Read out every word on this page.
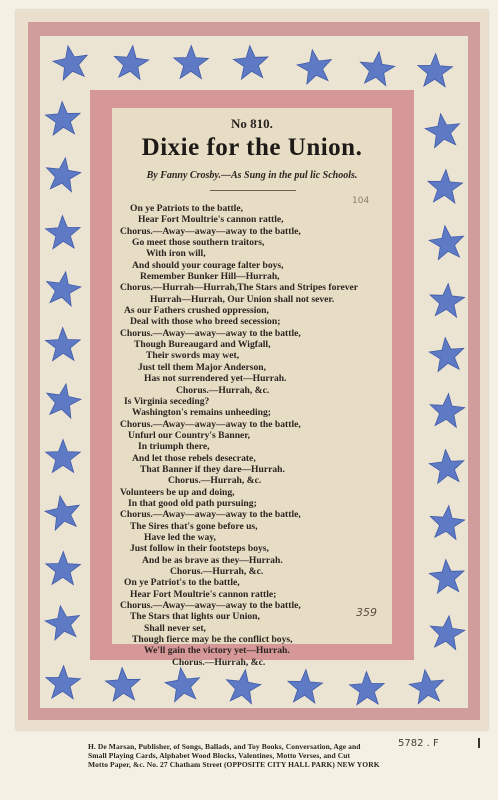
No 810.
Dixie for the Union.
By Fanny Crosby.—As Sung in the pul lic Schools.
104
On ye Patriots to the battle,
Hear Fort Moultrie's cannon rattle,
Chorus.—Away—away—away to the battle,
Go meet those southern traitors,
With iron will,
And should your courage falter boys,
Remember Bunker Hill—Hurrah,
Chorus.—Hurrah—Hurrah,The Stars and Stripes forever
Hurrah—Hurrah, Our Union shall not sever.
As our Fathers crushed oppression,
Deal with those who breed secession;
Chorus.—Away—away—away to the battle,
Though Bureaugard and Wigfall,
Their swords may wet,
Just tell them Major Anderson,
Has not surrendered yet—Hurrah.
Chorus.—Hurrah, &c.
Is Virginia seceding?
Washington's remains unheeding;
Chorus.—Away—away—away to the battle,
Unfurl our Country's Banner,
In triumph there,
And let those rebels desecrate,
That Banner if they dare—Hurrah.
Chorus.—Hurrah, &c.
Volunteers be up and doing,
In that good old path pursuing;
Chorus.—Away—away—away to the battle,
The Sires that's gone before us,
Have led the way,
Just follow in their footsteps boys,
And be as brave as they—Hurrah.
Chorus.—Hurrah, &c.
On ye Patriot's to the battle,
Hear Fort Moultrie's cannon rattle;
Chorus.—Away—away—away to the battle,
The Stars that lights our Union,
Shall never set,
Though fierce may be the conflict boys,
We'll gain the victory yet—Hurrah.
Chorus.—Hurrah, &c.
359
H. De Marsan, Publisher, of Songs, Ballads, and Toy Books, Conversation, Age and
Small Playing Cards, Alphabet Wood Blocks, Valentines, Motto Verses, and Cut
Motto Paper, &c. No. 27 Chatham Street (OPPOSITE CITY HALL PARK) NEW YORK
5782 . F
